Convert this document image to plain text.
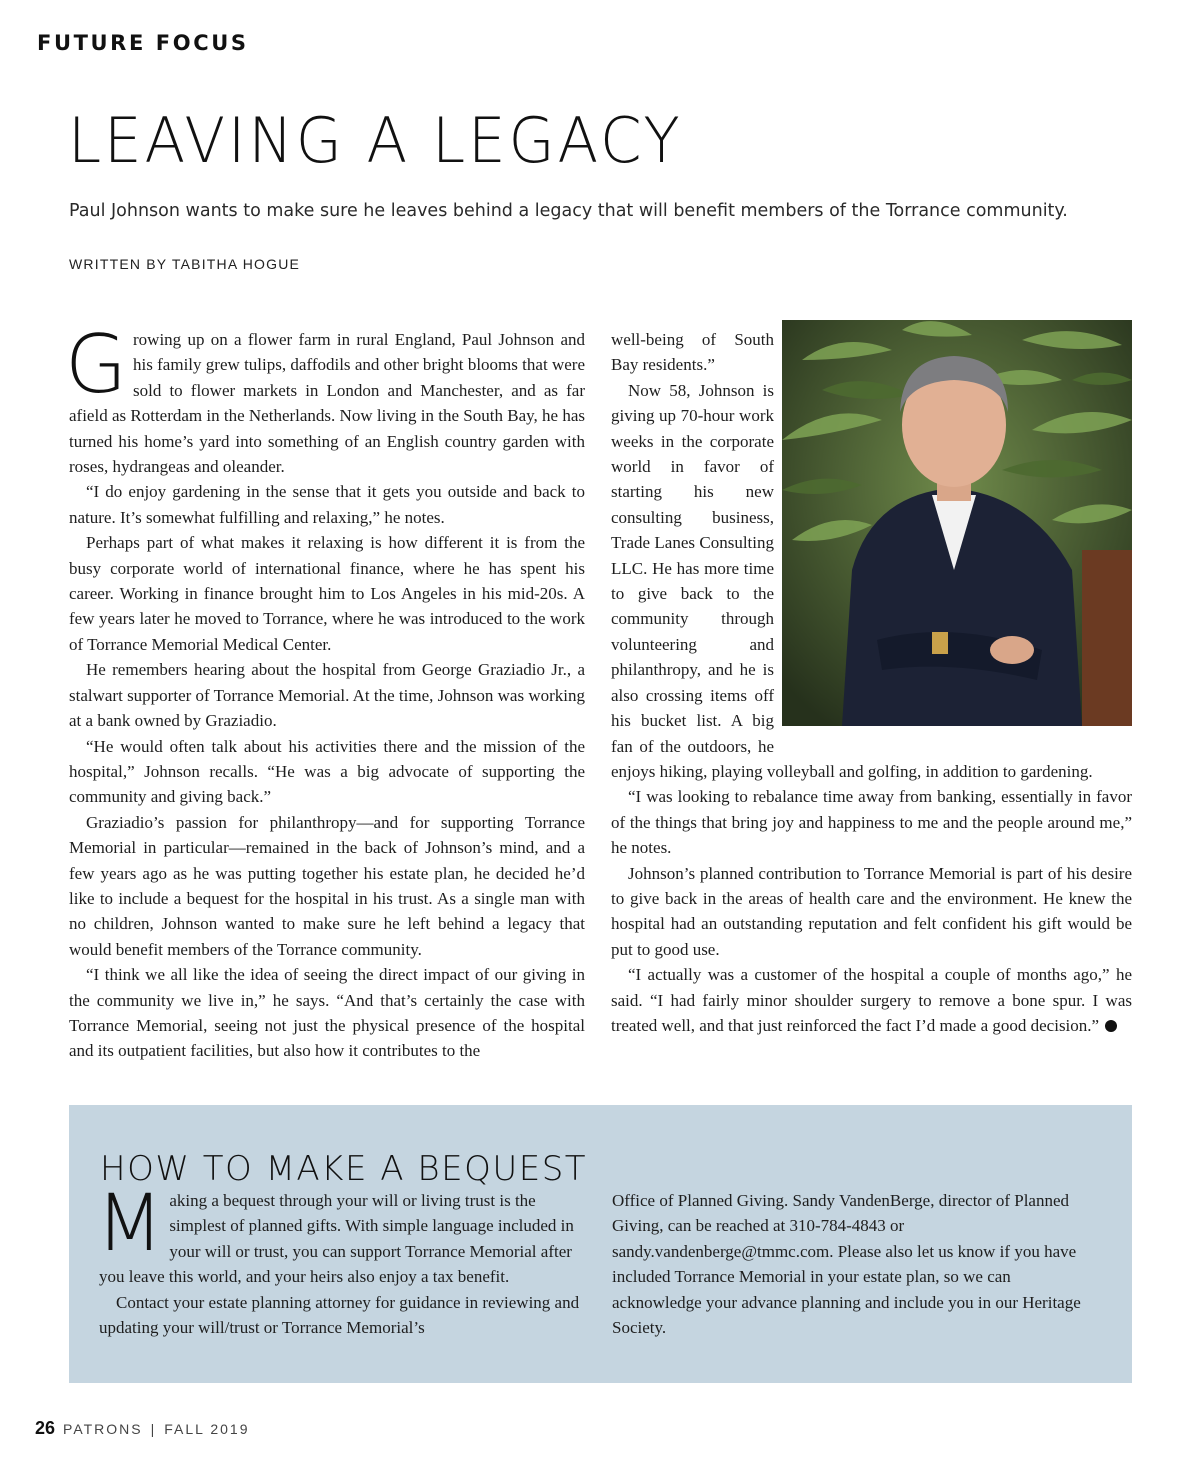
FUTURE FOCUS
LEAVING A LEGACY
Paul Johnson wants to make sure he leaves behind a legacy that will benefit members of the Torrance community.
WRITTEN BY TABITHA HOGUE

Growing up on a flower farm in rural England, Paul Johnson and his family grew tulips, daffodils and other bright blooms that were sold to flower markets in London and Manchester, and as far afield as Rotterdam in the Netherlands. Now living in the South Bay, he has turned his home’s yard into something of an English country garden with roses, hydrangeas and oleander.

“I do enjoy gardening in the sense that it gets you outside and back to nature. It’s somewhat fulfilling and relaxing,” he notes.

Perhaps part of what makes it relaxing is how different it is from the busy corporate world of international finance, where he has spent his career. Working in finance brought him to Los Angeles in his mid-20s. A few years later he moved to Torrance, where he was introduced to the work of Torrance Memorial Medical Center.

He remembers hearing about the hospital from George Graziadio Jr., a stalwart supporter of Torrance Memorial. At the time, Johnson was working at a bank owned by Graziadio.

“He would often talk about his activities there and the mission of the hospital,” Johnson recalls. “He was a big advocate of supporting the community and giving back.”

Graziadio’s passion for philanthropy—and for supporting Torrance Memorial in particular—remained in the back of Johnson’s mind, and a few years ago as he was putting together his estate plan, he decided he’d like to include a bequest for the hospital in his trust. As a single man with no children, Johnson wanted to make sure he left behind a legacy that would benefit members of the Torrance community.

“I think we all like the idea of seeing the direct impact of our giving in the community we live in,” he says. “And that’s certainly the case with Torrance Memorial, seeing not just the physical presence of the hospital and its outpatient facilities, but also how it contributes to the

well-being of South Bay residents.”

Now 58, Johnson is giving up 70-hour work weeks in the corporate world in favor of starting his new consulting business, Trade Lanes Consulting LLC. He has more time to give back to the community through volunteering and philanthropy, and he is also crossing items off his bucket list. A big fan of the outdoors, he enjoys hiking, playing volleyball and golfing, in addition to gardening.

“I was looking to rebalance time away from banking, essentially in favor of the things that bring joy and happiness to me and the people around me,” he notes.

Johnson’s planned contribution to Torrance Memorial is part of his desire to give back in the areas of health care and the environment. He knew the hospital had an outstanding reputation and felt confident his gift would be put to good use.

“I actually was a customer of the hospital a couple of months ago,” he said. “I had fairly minor shoulder surgery to remove a bone spur. I was treated well, and that just reinforced the fact I’d made a good decision.”

HOW TO MAKE A BEQUEST

Making a bequest through your will or living trust is the simplest of planned gifts. With simple language included in your will or trust, you can support Torrance Memorial after you leave this world, and your heirs also enjoy a tax benefit.

Contact your estate planning attorney for guidance in reviewing and updating your will/trust or Torrance Memorial’s

Office of Planned Giving. Sandy VandenBerge, director of Planned Giving, can be reached at 310-784-4843 or sandy.vandenberge@tmmc.com. Please also let us know if you have included Torrance Memorial in your estate plan, so we can acknowledge your advance planning and include you in our Heritage Society.

26 PATRONS | FALL 2019
